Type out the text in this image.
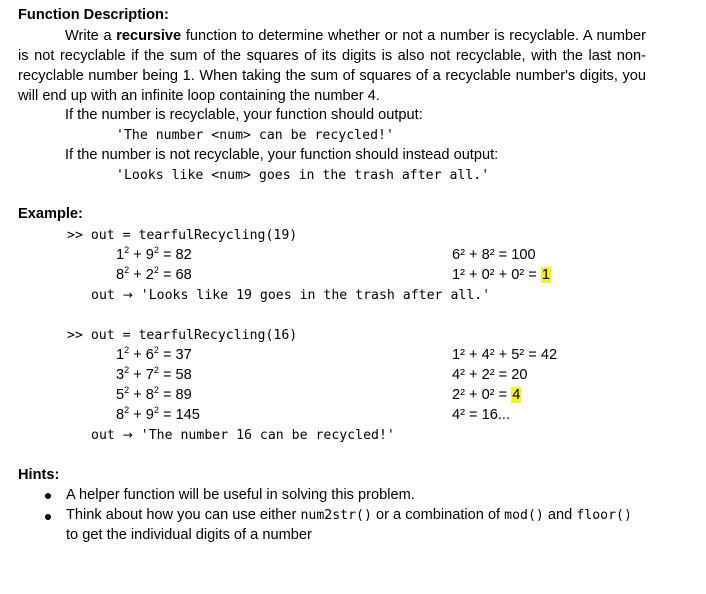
Function Description:
Write a recursive function to determine whether or not a number is recyclable. A number is not recyclable if the sum of the squares of its digits is also not recyclable, with the last non-recyclable number being 1. When taking the sum of squares of a recyclable number's digits, you will end up with an infinite loop containing the number 4.
If the number is recyclable, your function should output:
'The number <num> can be recycled!'
If the number is not recyclable, your function should instead output:
'Looks like <num> goes in the trash after all.'
Example:
>> out = tearfulRecycling(19)
$1^2 + 9^2 = 82$
$8^2 + 2^2 = 68$
6² + 8² = 100
1² + 0² + 0² = 1
out → 'Looks like 19 goes in the trash after all.'
>> out = tearfulRecycling(16)
$1^2 + 6^2 = 37$
$3^2 + 7^2 = 58$
$5^2 + 8^2 = 89$
$8^2 + 9^2 = 145$
1² + 4² + 5² = 42
4² + 2² = 20
2² + 0² = 4
4² = 16...
out → 'The number 16 can be recycled!'
Hints:
A helper function will be useful in solving this problem.
Think about how you can use either num2str() or a combination of mod() and floor()
to get the individual digits of a number
